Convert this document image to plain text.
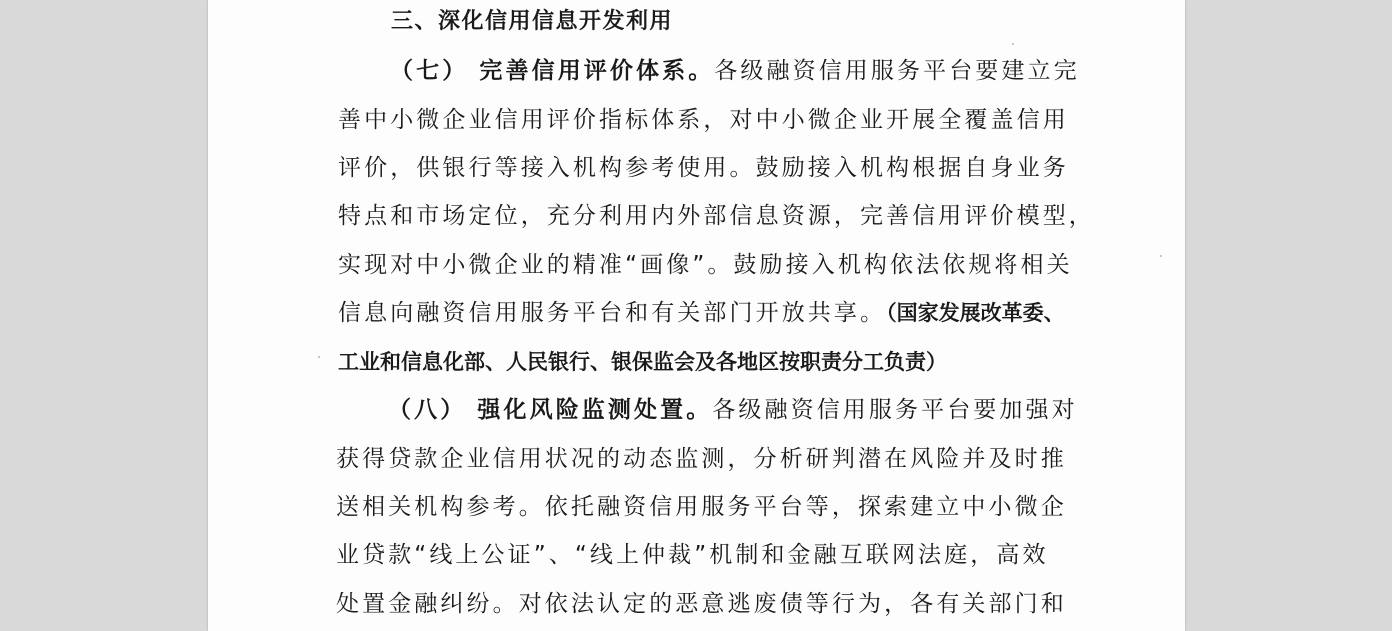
三、深化信用信息开发利用
（七） 完善信用评价体系。各级融资信用服务平台要建立完
善中小微企业信用评价指标体系，对中小微企业开展全覆盖信用
评价，供银行等接入机构参考使用。鼓励接入机构根据自身业务
特点和市场定位，充分利用内外部信息资源，完善信用评价模型，
实现对中小微企业的精准“画像”。鼓励接入机构依法依规将相关
信息向融资信用服务平台和有关部门开放共享。（国家发展改革委、
工业和信息化部、人民银行、银保监会及各地区按职责分工负责）
（八） 强化风险监测处置。各级融资信用服务平台要加强对
获得贷款企业信用状况的动态监测，分析研判潜在风险并及时推
送相关机构参考。依托融资信用服务平台等，探索建立中小微企
业贷款“线上公证”、“线上仲裁”机制和金融互联网法庭，高效
处置金融纠纷。对依法认定的恶意逃废债等行为，各有关部门和
